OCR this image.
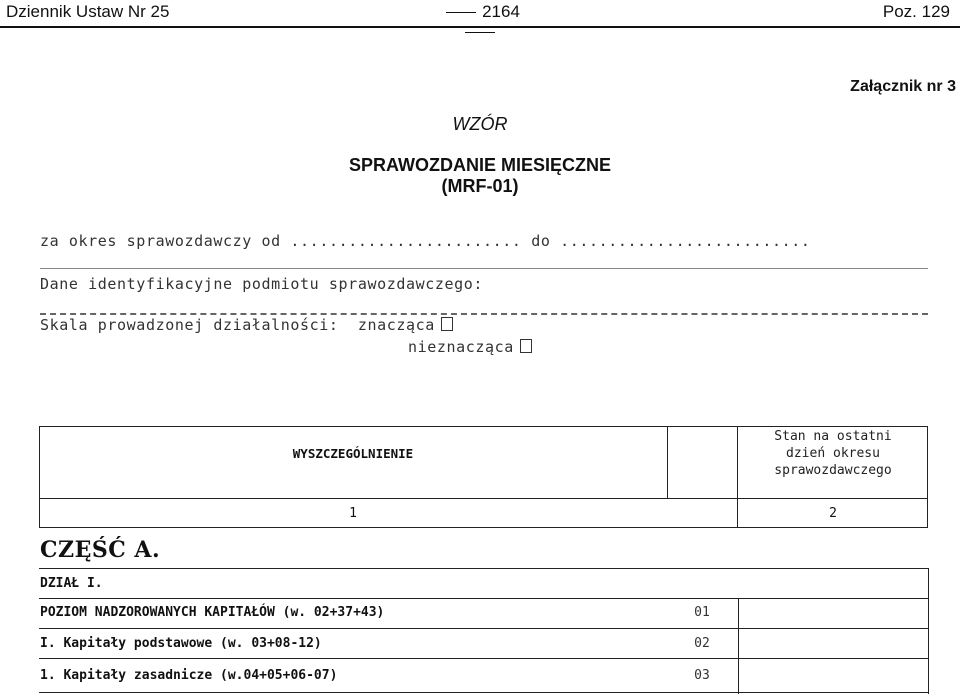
Dziennik Ustaw Nr 25	2164	Poz. 129
Załącznik nr 3
WZÓR
SPRAWOZDANIE MIESIĘCZNE
(MRF-01)
za okres sprawozdawczy od ........................ do ..........................
Dane identyfikacyjne podmiotu sprawozdawczego:
Skala prowadzonej działalności: znacząca
nieznacząca
WYSZCZEGÓLNIENIE
Stan na ostatni
dzień okresu
sprawozdawczego
1	2
CZĘŚĆ A.
DZIAŁ I.
POZIOM NADZOROWANYCH KAPITAŁÓW (w. 02+37+43)	01
I. Kapitały podstawowe (w. 03+08-12)	02
1. Kapitały zasadnicze (w.04+05+06-07)	03
